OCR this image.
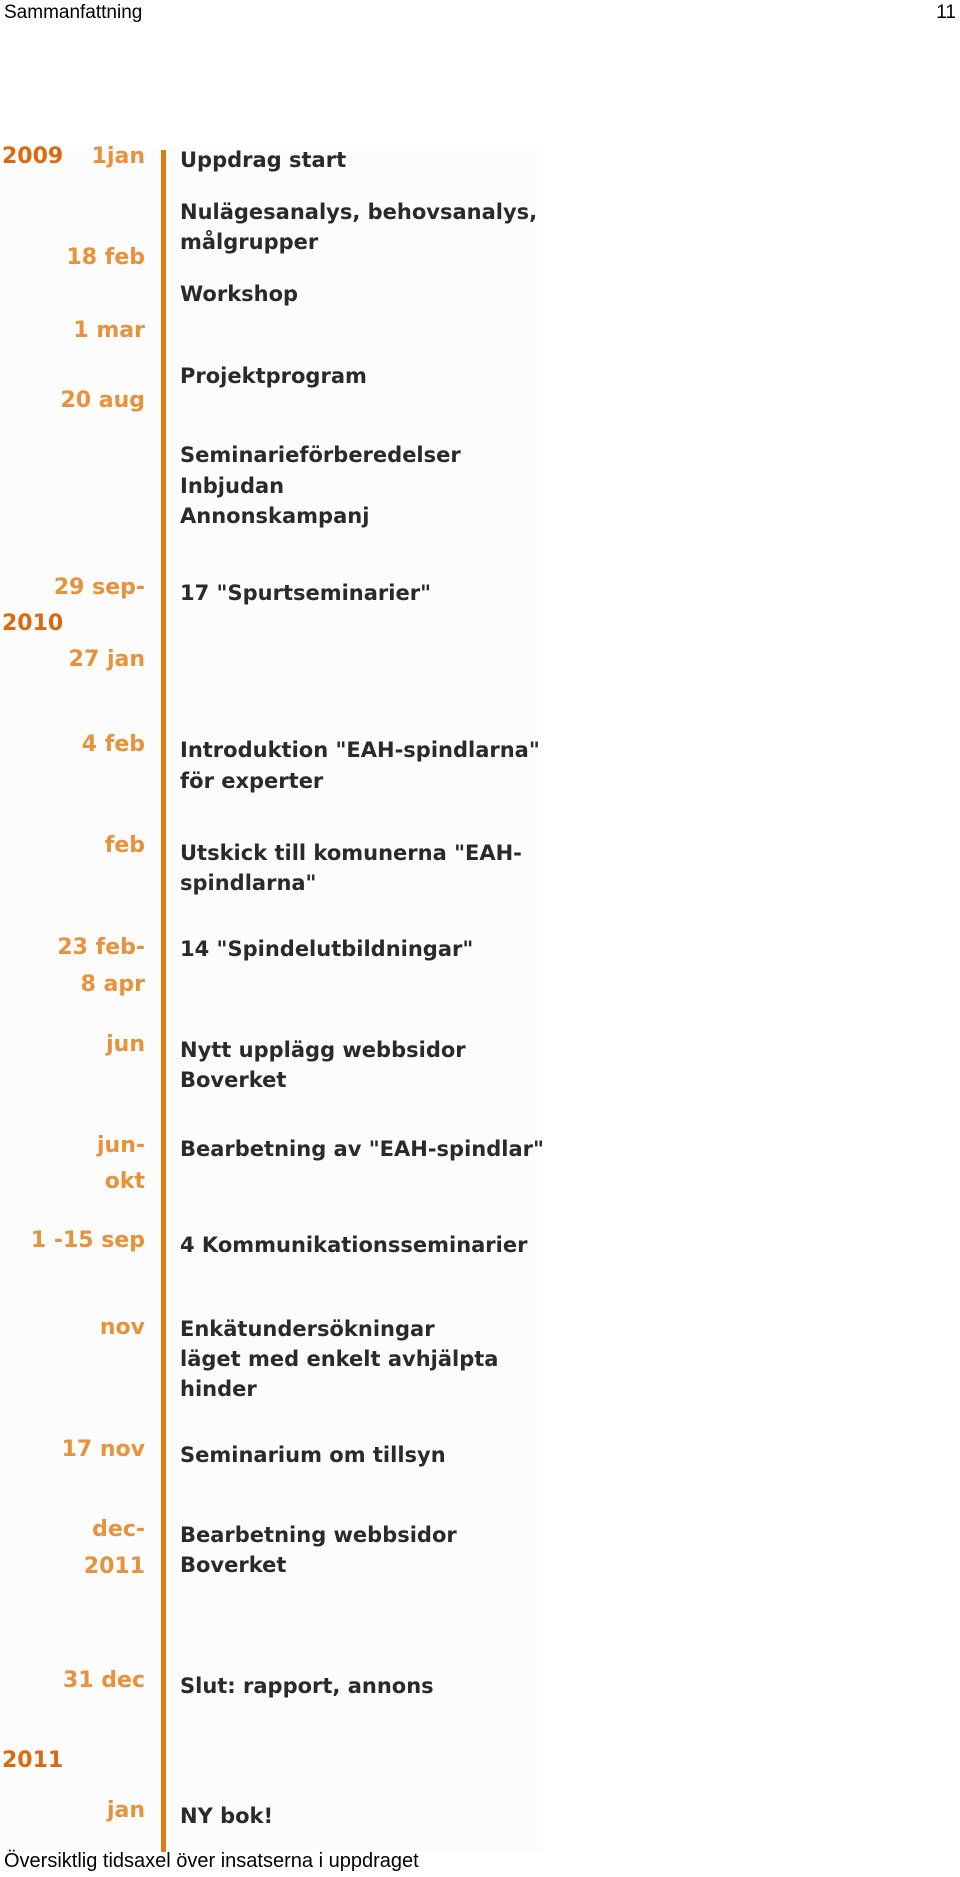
Sammanfattning	11
2009
2010
2011
1jan
18 feb
1 mar
20 aug
29 sep-
27 jan
4 feb
feb
23 feb-
8 apr
jun
jun-
okt
1 -15 sep
nov
17 nov
dec-
2011
31 dec
jan
Uppdrag start
Nulägesanalys, behovsanalys,
målgrupper
Workshop
Projektprogram
Seminarieförberedelser
Inbjudan
Annonskampanj
17 "Spurtseminarier"
Introduktion "EAH-spindlarna"
för experter
Utskick till komunerna "EAH-
spindlarna"
14 "Spindelutbildningar"
Nytt upplägg webbsidor
Boverket
Bearbetning av "EAH-spindlar"
4 Kommunikationsseminarier
Enkätundersökningar
läget med enkelt avhjälpta
hinder
Seminarium om tillsyn
Bearbetning webbsidor
Boverket
Slut: rapport, annons
NY bok!
Översiktlig tidsaxel över insatserna i uppdraget
